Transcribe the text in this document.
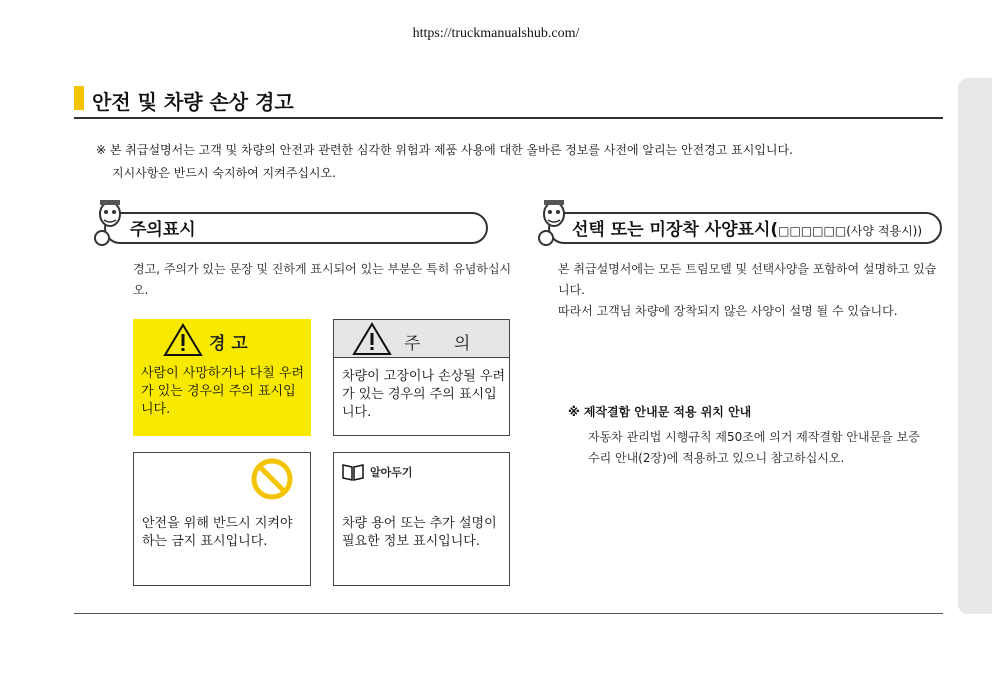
https://truckmanualshub.com/
안전 및 차량 손상 경고
※ 본 취급설명서는 고객 및 차량의 안전과 관련한 심각한 위험과 제품 사용에 대한 올바른 정보를 사전에 알리는 안전경고 표시입니다.
지시사항은 반드시 숙지하여 지켜주십시오.
주의표시
경고, 주의가 있는 문장 및 진하게 표시되어 있는 부분은 특히 유념하십시오.
경 고
사람이 사망하거나 다칠 우려가 있는 경우의 주의 표시입니다.
주 의
차량이 고장이나 손상될 우려가 있는 경우의 주의 표시입니다.
안전을 위해 반드시 지켜야 하는 금지 표시입니다.
알아두기
차량 용어 또는 추가 설명이 필요한 정보 표시입니다.
선택 또는 미장착 사양표시(□□□□□□(사양 적용시))
본 취급설명서에는 모든 트림모델 및 선택사양을 포함하여 설명하고 있습니다.
따라서 고객님 차량에 장착되지 않은 사양이 설명 될 수 있습니다.
※ 제작결함 안내문 적용 위치 안내
자동차 관리법 시행규칙 제50조에 의거 제작결함 안내문을 보증수리 안내(2장)에 적용하고 있으니 참고하십시오.
